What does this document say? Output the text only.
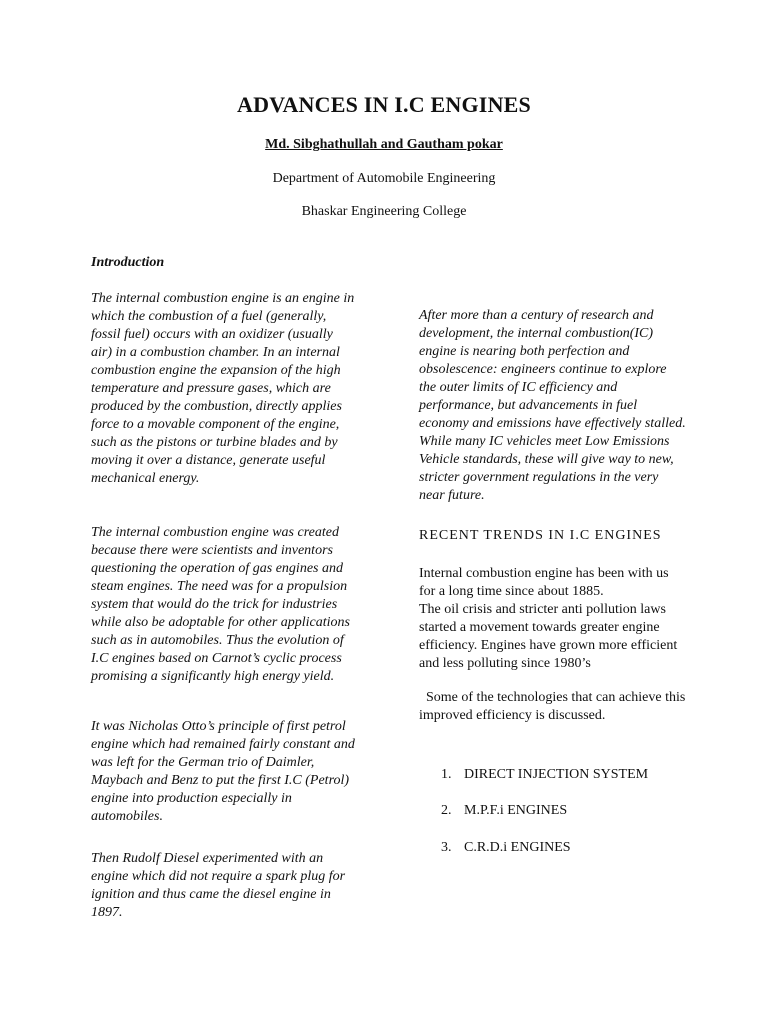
ADVANCES IN I.C ENGINES
Md. Sibghathullah and Gautham pokar
Department of Automobile Engineering
Bhaskar Engineering College
Introduction

The internal combustion engine is an engine in which the combustion of a fuel (generally, fossil fuel) occurs with an oxidizer (usually air) in a combustion chamber. In an internal combustion engine the expansion of the high temperature and pressure gases, which are produced by the combustion, directly applies force to a movable component of the engine, such as the pistons or turbine blades and by moving it over a distance, generate useful mechanical energy.

The internal combustion engine was created because there were scientists and inventors questioning the operation of gas engines and steam engines. The need was for a propulsion system that would do the trick for industries while also be adoptable for other applications such as in automobiles. Thus the evolution of I.C engines based on Carnot’s cyclic process promising a significantly high energy yield.

It was Nicholas Otto’s principle of first petrol engine which had remained fairly constant and was left for the German trio of Daimler, Maybach and Benz to put the first I.C (Petrol) engine into production especially in automobiles.

Then Rudolf Diesel experimented with an engine which did not require a spark plug for ignition and thus came the diesel engine in 1897.

After more than a century of research and development, the internal combustion(IC) engine is nearing both perfection and obsolescence: engineers continue to explore the outer limits of IC efficiency and performance, but advancements in fuel economy and emissions have effectively stalled. While many IC vehicles meet Low Emissions Vehicle standards, these will give way to new, stricter government regulations in the very near future.

RECENT TRENDS IN I.C ENGINES

Internal combustion engine has been with us for a long time since about 1885.

The oil crisis and stricter anti pollution laws started a movement towards greater engine efficiency. Engines have grown more efficient and less polluting since 1980’s

Some of the technologies that can achieve this improved efficiency is discussed.

1. DIRECT INJECTION SYSTEM
2. M.P.F.i ENGINES
3. C.R.D.i ENGINES
